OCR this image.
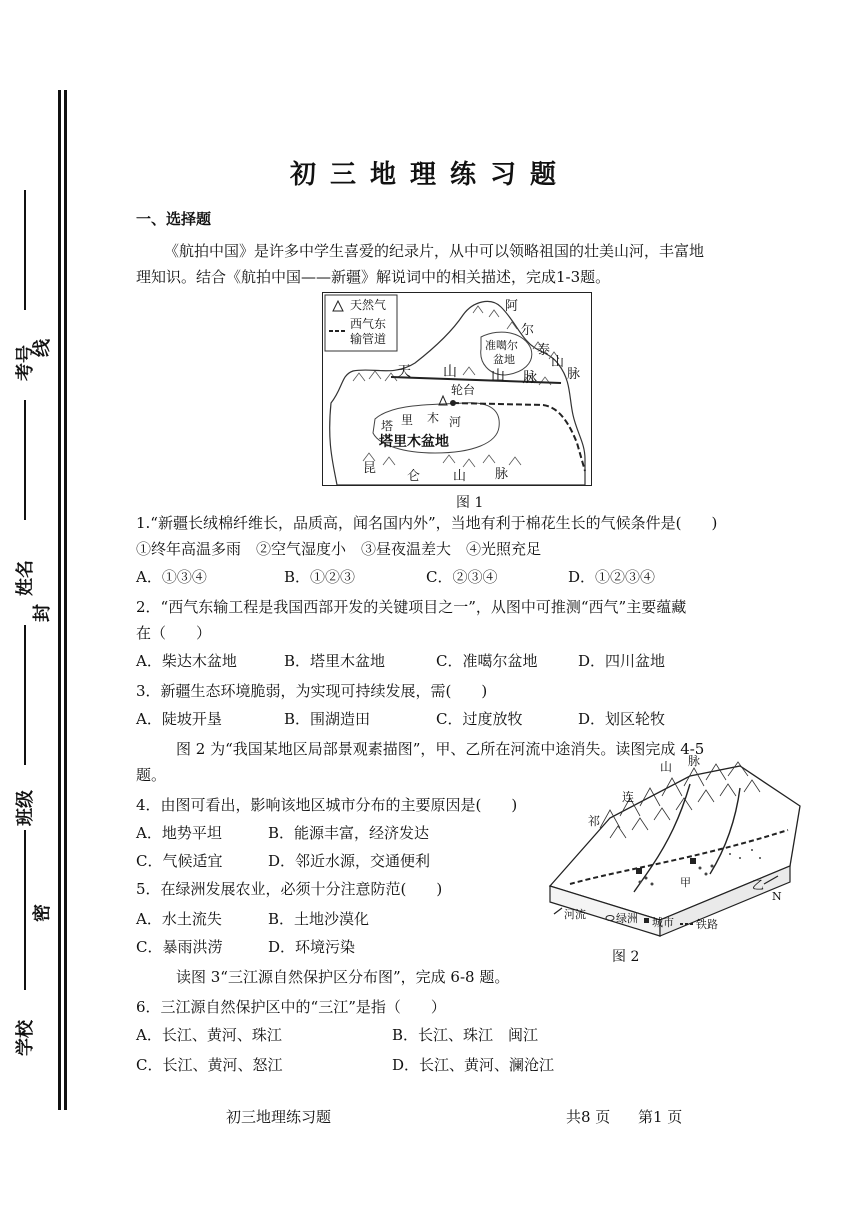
考号
线
姓名
封
班级
密
学校
初三地理练习题
一、选择题
《航拍中国》是许多中学生喜爱的纪录片，从中可以领略祖国的壮美山河，丰富地
理知识。结合《航拍中国——新疆》解说词中的相关描述，完成1-3题。
天然气
西气东
输管道
阿
尔
泰
山
脉
准噶尔
盆地
天 山 山 脉
轮台
塔 里 木 河
塔里木盆地
昆
仑	山 脉
图 1
1.“新疆长绒棉纤维长，品质高，闻名国内外”，当地有利于棉花生长的气候条件是(　　)
①终年高温多雨　②空气湿度小　③昼夜温差大　④光照充足
A．①③④	B．①②③	C．②③④	D．①②③④
2．“西气东输工程是我国西部开发的关键项目之一”，从图中可推测“西气”主要蕴藏
在（　　）
A．柴达木盆地	B．塔里木盆地	C．准噶尔盆地	D．四川盆地
3．新疆生态环境脆弱，为实现可持续发展，需(　　)
A．陡坡开垦	B．围湖造田	C．过度放牧	D．划区轮牧
图 2 为“我国某地区局部景观素描图”，甲、乙所在河流中途消失。读图完成 4-5
题。
4．由图可看出，影响该地区城市分布的主要原因是(　　)
A．地势平坦	B．能源丰富，经济发达
C．气候适宜	D．邻近水源，交通便利
5．在绿洲发展农业，必须十分注意防范(　　)
A．水土流失	B．土地沙漠化
C．暴雨洪涝	D．环境污染
山 脉
连
祁
甲	乙
N
河流	绿洲 城市 铁路
图 2
读图 3“三江源自然保护区分布图”，完成 6-8 题。
6．三江源自然保护区中的“三江”是指（　　）
A．长江、黄河、珠江	B．长江、珠江　闽江
C．长江、黄河、怒江	D．长江、黄河、澜沧江
初三地理练习题	共8 页 第1 页
